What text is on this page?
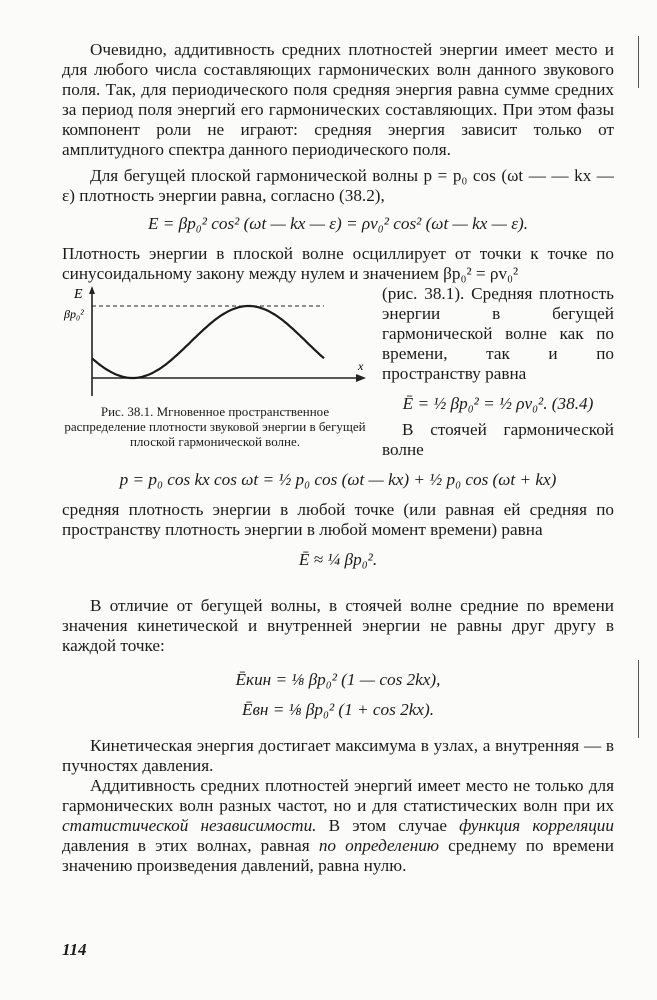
Очевидно, аддитивность средних плотностей энергии имеет место и для любого числа составляющих гармонических волн данного звукового поля. Так, для периодического поля средняя энергия равна сумме средних за период поля энергий его гармонических составляющих. При этом фазы компонент роли не играют: средняя энергия зависит только от амплитудного спектра данного периодического поля.

Для бегущей плоской гармонической волны p = p₀ cos (ωt — — kx — ε) плотность энергии равна, согласно (38.2),

E = βp₀² cos² (ωt — kx — ε) = ρv₀² cos² (ωt — kx — ε).

Плотность энергии в плоской волне осциллирует от точки к точке по синусоидальному закону между нулем и значением βp₀² = ρv₀²

E
βp₀²
x
Рис. 38.1. Мгновенное пространственное распределение плотности звуковой энергии в бегущей плоской гармонической волне.

(рис. 38.1). Средняя плотность энергии в бегущей гармонической волне как по времени, так и по пространству равна

Ē = ½ βp₀² = ½ ρv₀². (38.4)

В стоячей гармонической волне

p = p₀ cos kx cos ωt = ½ p₀ cos (ωt — kx) + ½ p₀ cos (ωt + kx)

средняя плотность энергии в любой точке (или равная ей средняя по пространству плотность энергии в любой момент времени) равна

Ē ≈ ¼ βp₀².

В отличие от бегущей волны, в стоячей волне средние по времени значения кинетической и внутренней энергии не равны друг другу в каждой точке:

Ēкин = ⅛ βp₀² (1 — cos 2kx),

Ēвн = ⅛ βp₀² (1 + cos 2kx).

Кинетическая энергия достигает максимума в узлах, а внутренняя — в пучностях давления.

Аддитивность средних плотностей энергий имеет место не только для гармонических волн разных частот, но и для статистических волн при их статистической независимости. В этом случае функция корреляции давления в этих волнах, равная по определению среднему по времени значению произведения давлений, равна нулю.

114
